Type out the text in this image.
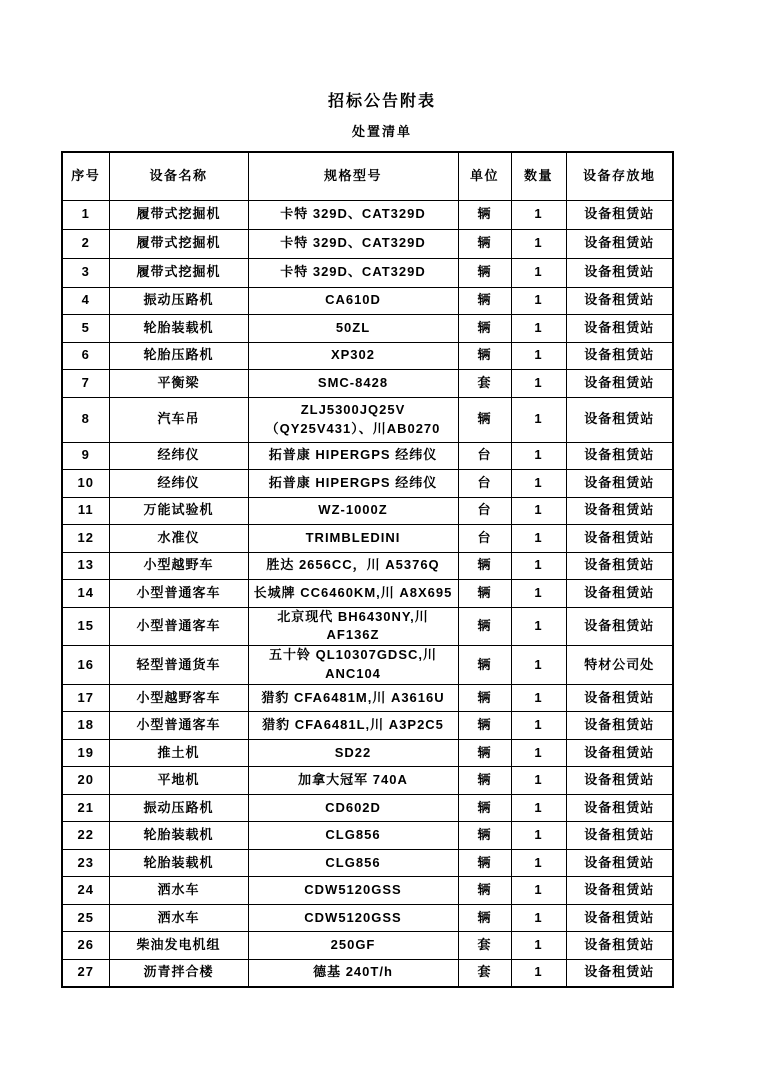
招标公告附表
处置清单
序号	设备名称	规格型号	单位	数量	设备存放地
1	履带式挖掘机	卡特 329D、CAT329D	辆	1	设备租赁站
2	履带式挖掘机	卡特 329D、CAT329D	辆	1	设备租赁站
3	履带式挖掘机	卡特 329D、CAT329D	辆	1	设备租赁站
4	振动压路机	CA610D	辆	1	设备租赁站
5	轮胎装载机	50ZL	辆	1	设备租赁站
6	轮胎压路机	XP302	辆	1	设备租赁站
7	平衡梁	SMC-8428	套	1	设备租赁站
8	汽车吊	ZLJ5300JQ25V（QY25V431）、川AB0270	辆	1	设备租赁站
9	经纬仪	拓普康 HIPERGPS 经纬仪	台	1	设备租赁站
10	经纬仪	拓普康 HIPERGPS 经纬仪	台	1	设备租赁站
11	万能试验机	WZ-1000Z	台	1	设备租赁站
12	水准仪	TRIMBLEDINI	台	1	设备租赁站
13	小型越野车	胜达 2656CC，川 A5376Q	辆	1	设备租赁站
14	小型普通客车	长城牌 CC6460KM,川 A8X695	辆	1	设备租赁站
15	小型普通客车	北京现代 BH6430NY,川 AF136Z	辆	1	设备租赁站
16	轻型普通货车	五十铃 QL10307GDSC,川 ANC104	辆	1	特材公司处
17	小型越野客车	猎豹 CFA6481M,川 A3616U	辆	1	设备租赁站
18	小型普通客车	猎豹 CFA6481L,川 A3P2C5	辆	1	设备租赁站
19	推土机	SD22	辆	1	设备租赁站
20	平地机	加拿大冠军 740A	辆	1	设备租赁站
21	振动压路机	CD602D	辆	1	设备租赁站
22	轮胎装载机	CLG856	辆	1	设备租赁站
23	轮胎装载机	CLG856	辆	1	设备租赁站
24	洒水车	CDW5120GSS	辆	1	设备租赁站
25	洒水车	CDW5120GSS	辆	1	设备租赁站
26	柴油发电机组	250GF	套	1	设备租赁站
27	沥青拌合楼	德基 240T/h	套	1	设备租赁站
